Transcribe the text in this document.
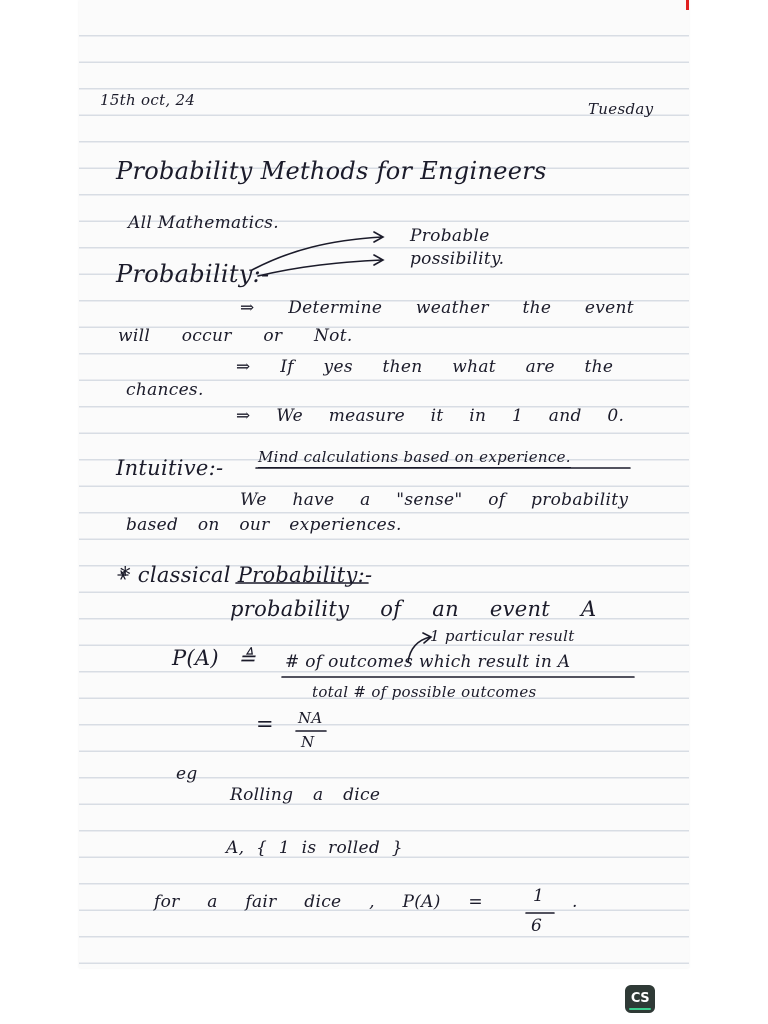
15th oct, 24	Tuesday
Probability Methods for Engineers
All Mathematics.
Probability:-
Probable
possibility.
⇒ Determine weather the event
will occur or Not.
⇒ If yes then what are the
chances.
⇒ We measure it in 1 and 0.
Intuitive:- Mind calculations based on experience.
We have a "sense" of probability
based on our experiences.
* classical Probability:-
probability of an event A
1 particular result
P(A) ≜ # of outcomes which result in A
total # of possible outcomes
= NA
N
eg
Rolling a dice
A, { 1 is rolled }
for a fair dice , P(A) =	1
6
.
CS
